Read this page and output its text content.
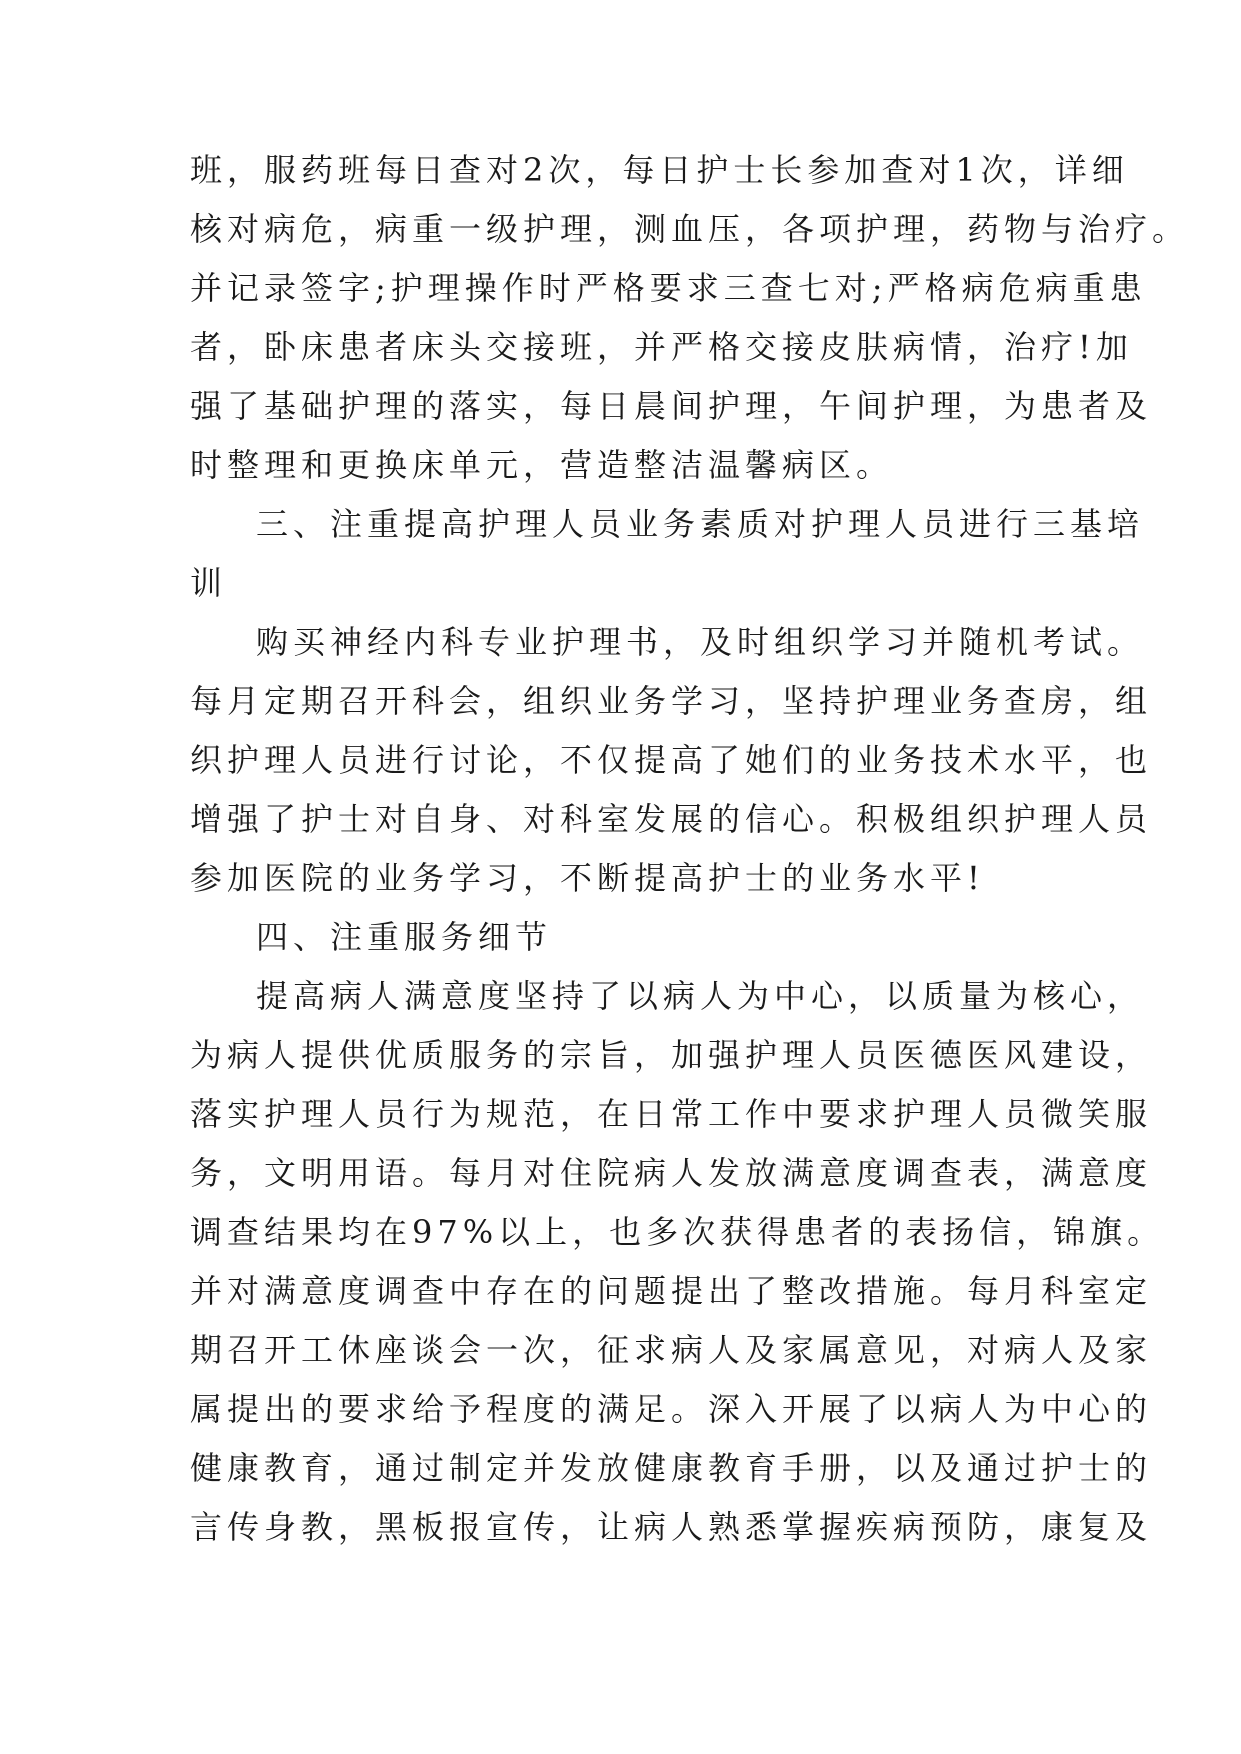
班，服药班每日查对2次，每日护士长参加查对1次，详细
核对病危，病重一级护理，测血压，各项护理，药物与治疗。
并记录签字;护理操作时严格要求三查七对;严格病危病重患
者，卧床患者床头交接班，并严格交接皮肤病情，治疗!加
强了基础护理的落实，每日晨间护理，午间护理，为患者及
时整理和更换床单元，营造整洁温馨病区。
三、注重提高护理人员业务素质对护理人员进行三基培
训
购买神经内科专业护理书，及时组织学习并随机考试。
每月定期召开科会，组织业务学习，坚持护理业务查房，组
织护理人员进行讨论，不仅提高了她们的业务技术水平，也
增强了护士对自身、对科室发展的信心。积极组织护理人员
参加医院的业务学习，不断提高护士的业务水平!
四、注重服务细节
提高病人满意度坚持了以病人为中心，以质量为核心，
为病人提供优质服务的宗旨，加强护理人员医德医风建设，
落实护理人员行为规范，在日常工作中要求护理人员微笑服
务，文明用语。每月对住院病人发放满意度调查表，满意度
调查结果均在97%以上，也多次获得患者的表扬信，锦旗。
并对满意度调查中存在的问题提出了整改措施。每月科室定
期召开工休座谈会一次，征求病人及家属意见，对病人及家
属提出的要求给予程度的满足。深入开展了以病人为中心的
健康教育，通过制定并发放健康教育手册，以及通过护士的
言传身教，黑板报宣传，让病人熟悉掌握疾病预防，康复及
